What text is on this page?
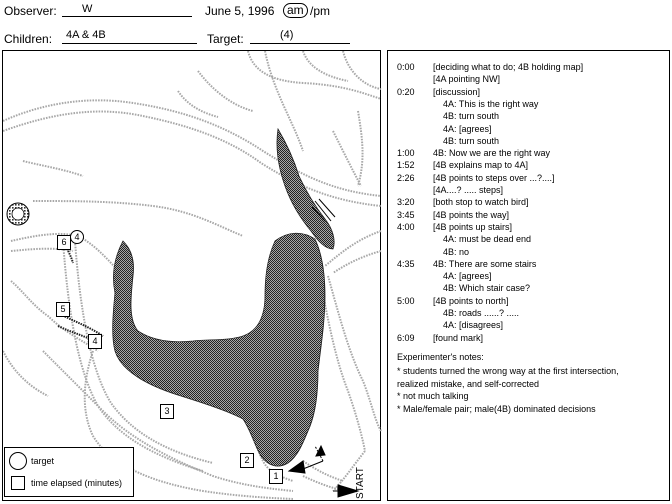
Observer: W	June 5, 1996	am /pm
Children: 4A & 4B	Target:	(4)
START
4
1
2
3
4
5
6
target
time elapsed (minutes)
0:00 [deciding what to do; 4B holding map]
[4A pointing NW]
0:20 [discussion]
4A: This is the right way
4B: turn south
4A: [agrees]
4B: turn south
1:00 4B: Now we are the right way
1:52 [4B explains map to 4A]
2:26 [4B points to steps over ...?....]
[4A....? ..... steps]
3:20 [both stop to watch bird]
3:45 [4B points the way]
4:00 [4B points up stairs]
4A: must be dead end
4B: no
4:35 4B: There are some stairs
4A: [agrees]
4B: Which stair case?
5:00 [4B points to north]
4B: roads ......? .....
4A: [disagrees]
6:09 [found mark]
Experimenter's notes:
* students turned the wrong way at the first intersection,
realized mistake, and self-corrected
* not much talking
* Male/female pair; male(4B) dominated decisions
